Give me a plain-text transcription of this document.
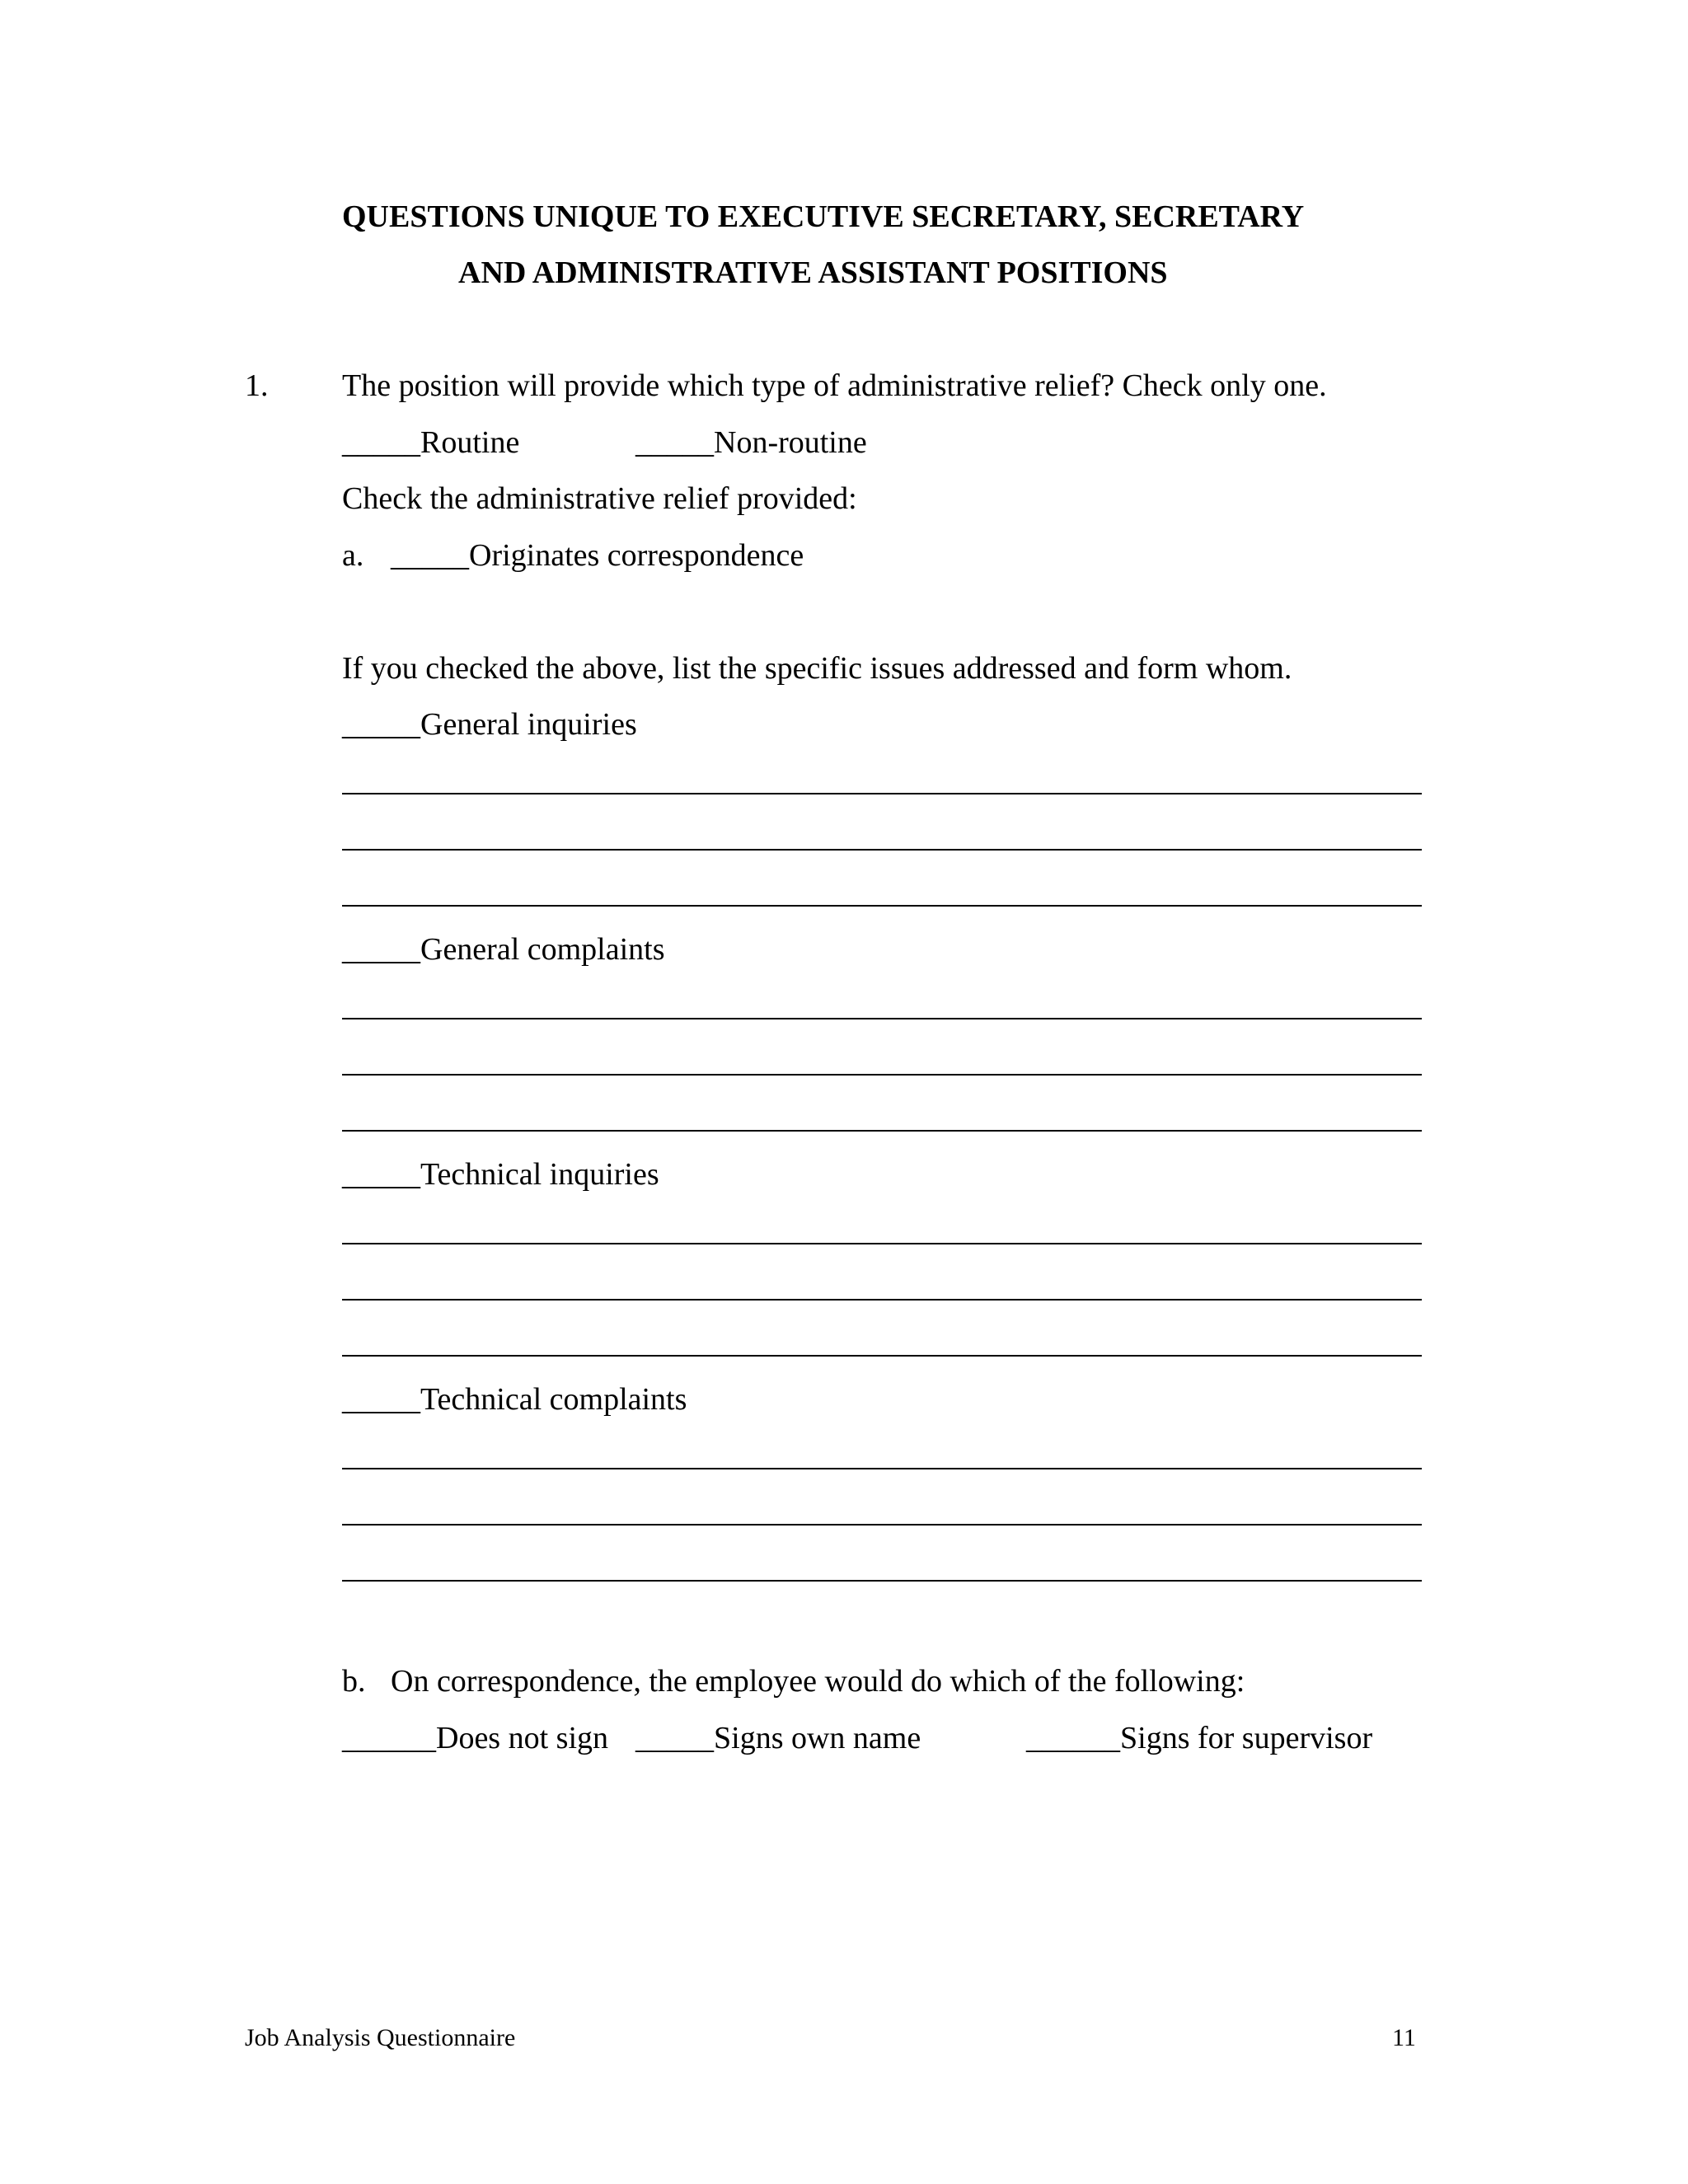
QUESTIONS UNIQUE TO EXECUTIVE SECRETARY, SECRETARY
AND ADMINISTRATIVE ASSISTANT POSITIONS
1. The position will provide which type of administrative relief? Check only one.
_____Routine	_____Non-routine
Check the administrative relief provided:
a. _____Originates correspondence
If you checked the above, list the specific issues addressed and form whom.
_____General inquiries
_____General complaints
_____Technical inquiries
_____Technical complaints
b. On correspondence, the employee would do which of the following:
______Does not sign _____Signs own name	______Signs for supervisor
Job Analysis Questionnaire	11
